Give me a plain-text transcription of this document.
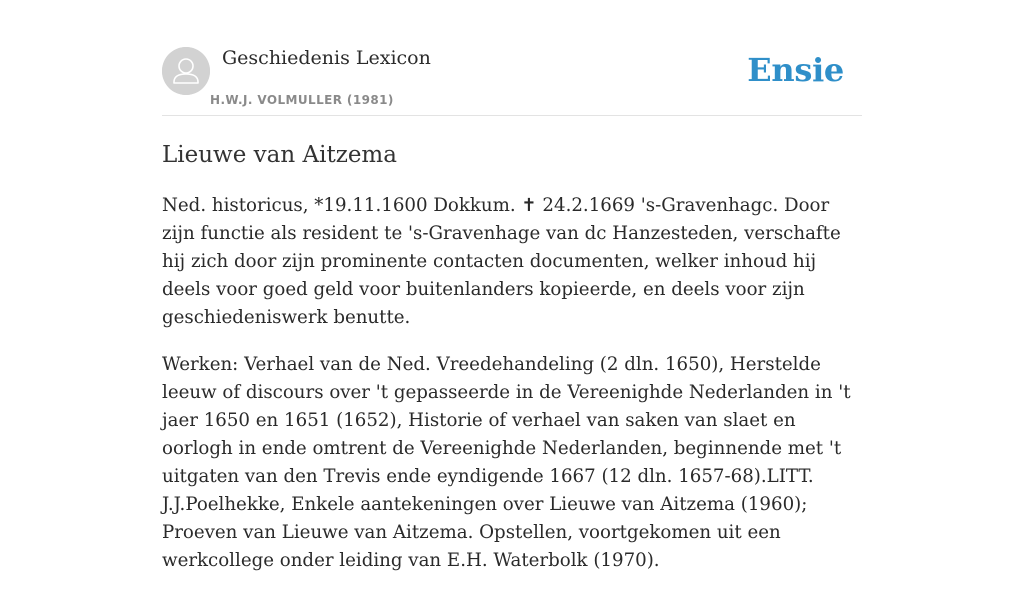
Geschiedenis Lexicon
H.W.J. VOLMULLER (1981)
Ensie
Lieuwe van Aitzema

Ned. historicus, *19.11.1600 Dokkum. ✝ 24.2.1669 's-Gravenhagc. Door zijn functie als resident te 's-Gravenhage van dc Hanzesteden, verschafte hij zich door zijn prominente contacten documenten, welker inhoud hij deels voor goed geld voor buitenlanders kopieerde, en deels voor zijn geschiedeniswerk benutte.

Werken: Verhael van de Ned. Vreedehandeling (2 dln. 1650), Herstelde leeuw of discours over 't gepasseerde in de Vereenighde Nederlanden in 't jaer 1650 en 1651 (1652), Historie of verhael van saken van slaet en oorlogh in ende omtrent de Vereenighde Nederlanden, beginnende met 't uitgaten van den Trevis ende eyndigende 1667 (12 dln. 1657-68).LITT. J.J.Poelhekke, Enkele aantekeningen over Lieuwe van Aitzema (1960); Proeven van Lieuwe van Aitzema. Opstellen, voortgekomen uit een werkcollege onder leiding van E.H. Waterbolk (1970).
